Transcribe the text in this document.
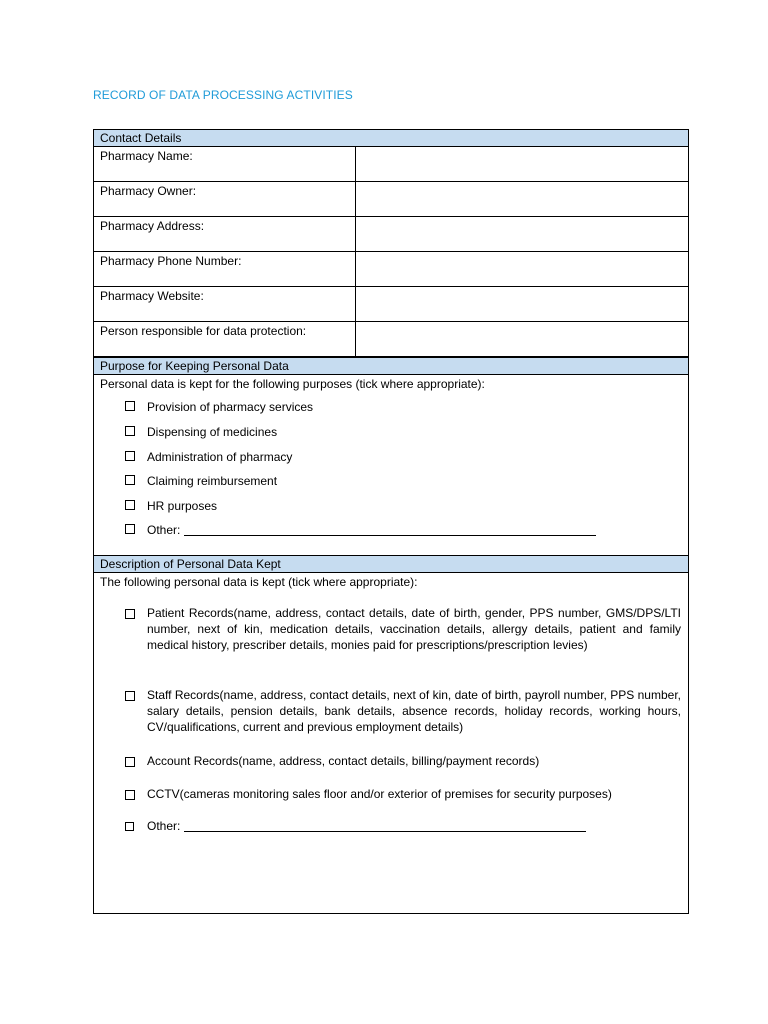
RECORD OF DATA PROCESSING ACTIVITIES
Contact Details
Pharmacy Name:
Pharmacy Owner:
Pharmacy Address:
Pharmacy Phone Number:
Pharmacy Website:
Person responsible for data protection:
Purpose for Keeping Personal Data
Personal data is kept for the following purposes (tick where appropriate):
Provision of pharmacy services
Dispensing of medicines
Administration of pharmacy
Claiming reimbursement
HR purposes
Other:
Description of Personal Data Kept
The following personal data is kept (tick where appropriate):
Patient Records(name, address, contact details, date of birth, gender, PPS number, GMS/DPS/LTI number, next of kin, medication details, vaccination details, allergy details, patient and family medical history, prescriber details, monies paid for prescriptions/prescription levies)
Staff Records(name, address, contact details, next of kin, date of birth, payroll number, PPS number, salary details, pension details, bank details, absence records, holiday records, working hours, CV/qualifications, current and previous employment details)
Account Records(name, address, contact details, billing/payment records)
CCTV(cameras monitoring sales floor and/or exterior of premises for security purposes)
Other:
